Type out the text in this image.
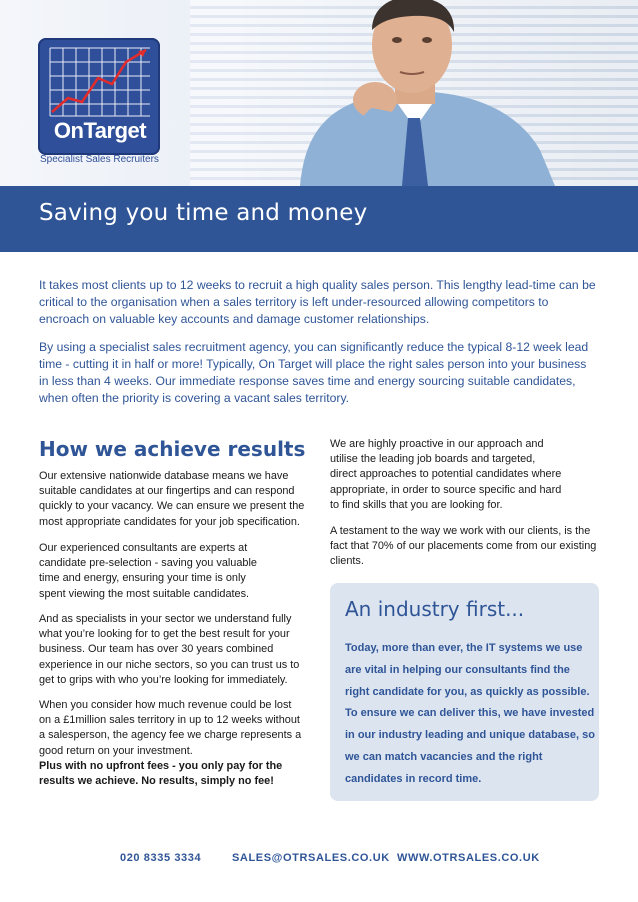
OnTarget
Specialist Sales Recruiters
Saving you time and money

It takes most clients up to 12 weeks to recruit a high quality sales person. This lengthy lead-time can be critical to the organisation when a sales territory is left under-resourced allowing competitors to encroach on valuable key accounts and damage customer relationships.

By using a specialist sales recruitment agency, you can significantly reduce the typical 8-12 week lead time - cutting it in half or more! Typically, On Target will place the right sales person into your business in less than 4 weeks. Our immediate response saves time and energy sourcing suitable candidates, when often the priority is covering a vacant sales territory.

How we achieve results

Our extensive nationwide database means we have suitable candidates at our fingertips and can respond quickly to your vacancy. We can ensure we present the most appropriate candidates for your job specification.

Our experienced consultants are experts at candidate pre-selection - saving you valuable time and energy, ensuring your time is only spent viewing the most suitable candidates.

And as specialists in your sector we understand fully what you’re looking for to get the best result for your business. Our team has over 30 years combined experience in our niche sectors, so you can trust us to get to grips with who you’re looking for immediately.

When you consider how much revenue could be lost on a £1million sales territory in up to 12 weeks without a salesperson, the agency fee we charge represents a good return on your investment.
Plus with no upfront fees - you only pay for the results we achieve. No results, simply no fee!

We are highly proactive in our approach and utilise the leading job boards and targeted, direct approaches to potential candidates where appropriate, in order to source specific and hard to find skills that you are looking for.

A testament to the way we work with our clients, is the fact that 70% of our placements come from our existing clients.

An industry first...

Today, more than ever, the IT systems we use are vital in helping our consultants find the right candidate for you, as quickly as possible. To ensure we can deliver this, we have invested in our industry leading and unique database, so we can match vacancies and the right candidates in record time.

020 8335 3334	SALES@OTRSALES.CO.UK WWW.OTRSALES.CO.UK
